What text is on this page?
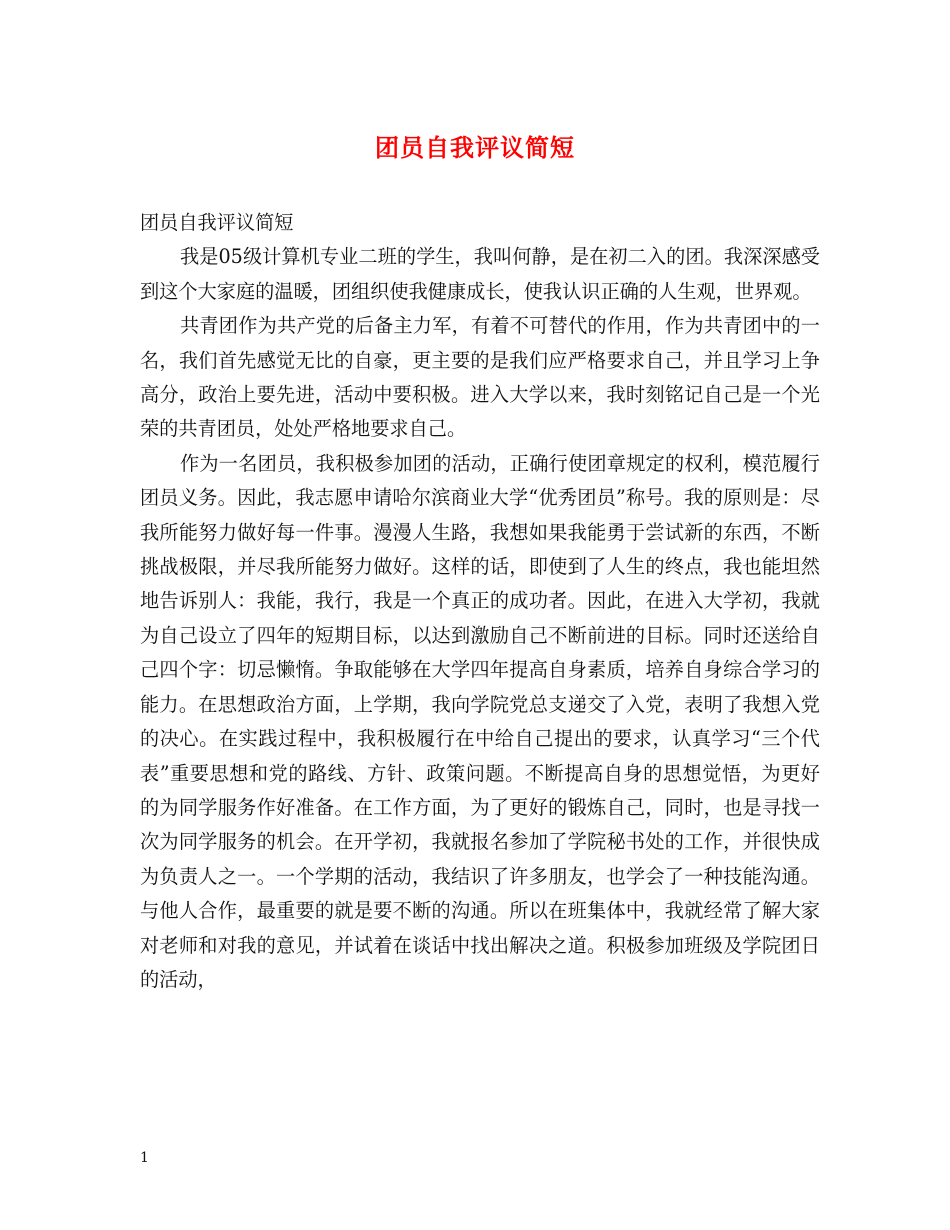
团员自我评议简短

团员自我评议简短

我是05级计算机专业二班的学生，我叫何静，是在初二入的团。我深深感受到这个大家庭的温暖，团组织使我健康成长，使我认识正确的人生观，世界观。

共青团作为共产党的后备主力军，有着不可替代的作用，作为共青团中的一名，我们首先感觉无比的自豪，更主要的是我们应严格要求自己，并且学习上争高分，政治上要先进，活动中要积极。进入大学以来，我时刻铭记自己是一个光荣的共青团员，处处严格地要求自己。

作为一名团员，我积极参加团的活动，正确行使团章规定的权利，模范履行团员义务。因此，我志愿申请哈尔滨商业大学“优秀团员”称号。我的原则是：尽我所能努力做好每一件事。漫漫人生路，我想如果我能勇于尝试新的东西，不断挑战极限，并尽我所能努力做好。这样的话，即使到了人生的终点，我也能坦然地告诉别人：我能，我行，我是一个真正的成功者。因此，在进入大学初，我就为自己设立了四年的短期目标，以达到激励自己不断前进的目标。同时还送给自己四个字：切忌懒惰。争取能够在大学四年提高自身素质，培养自身综合学习的能力。在思想政治方面，上学期，我向学院党总支递交了入党，表明了我想入党的决心。在实践过程中，我积极履行在中给自己提出的要求，认真学习“三个代表”重要思想和党的路线、方针、政策问题。不断提高自身的思想觉悟，为更好的为同学服务作好准备。在工作方面，为了更好的锻炼自己，同时，也是寻找一次为同学服务的机会。在开学初，我就报名参加了学院秘书处的工作，并很快成为负责人之一。一个学期的活动，我结识了许多朋友，也学会了一种技能沟通。与他人合作，最重要的就是要不断的沟通。所以在班集体中，我就经常了解大家对老师和对我的意见，并试着在谈话中找出解决之道。积极参加班级及学院团日的活动，

1
